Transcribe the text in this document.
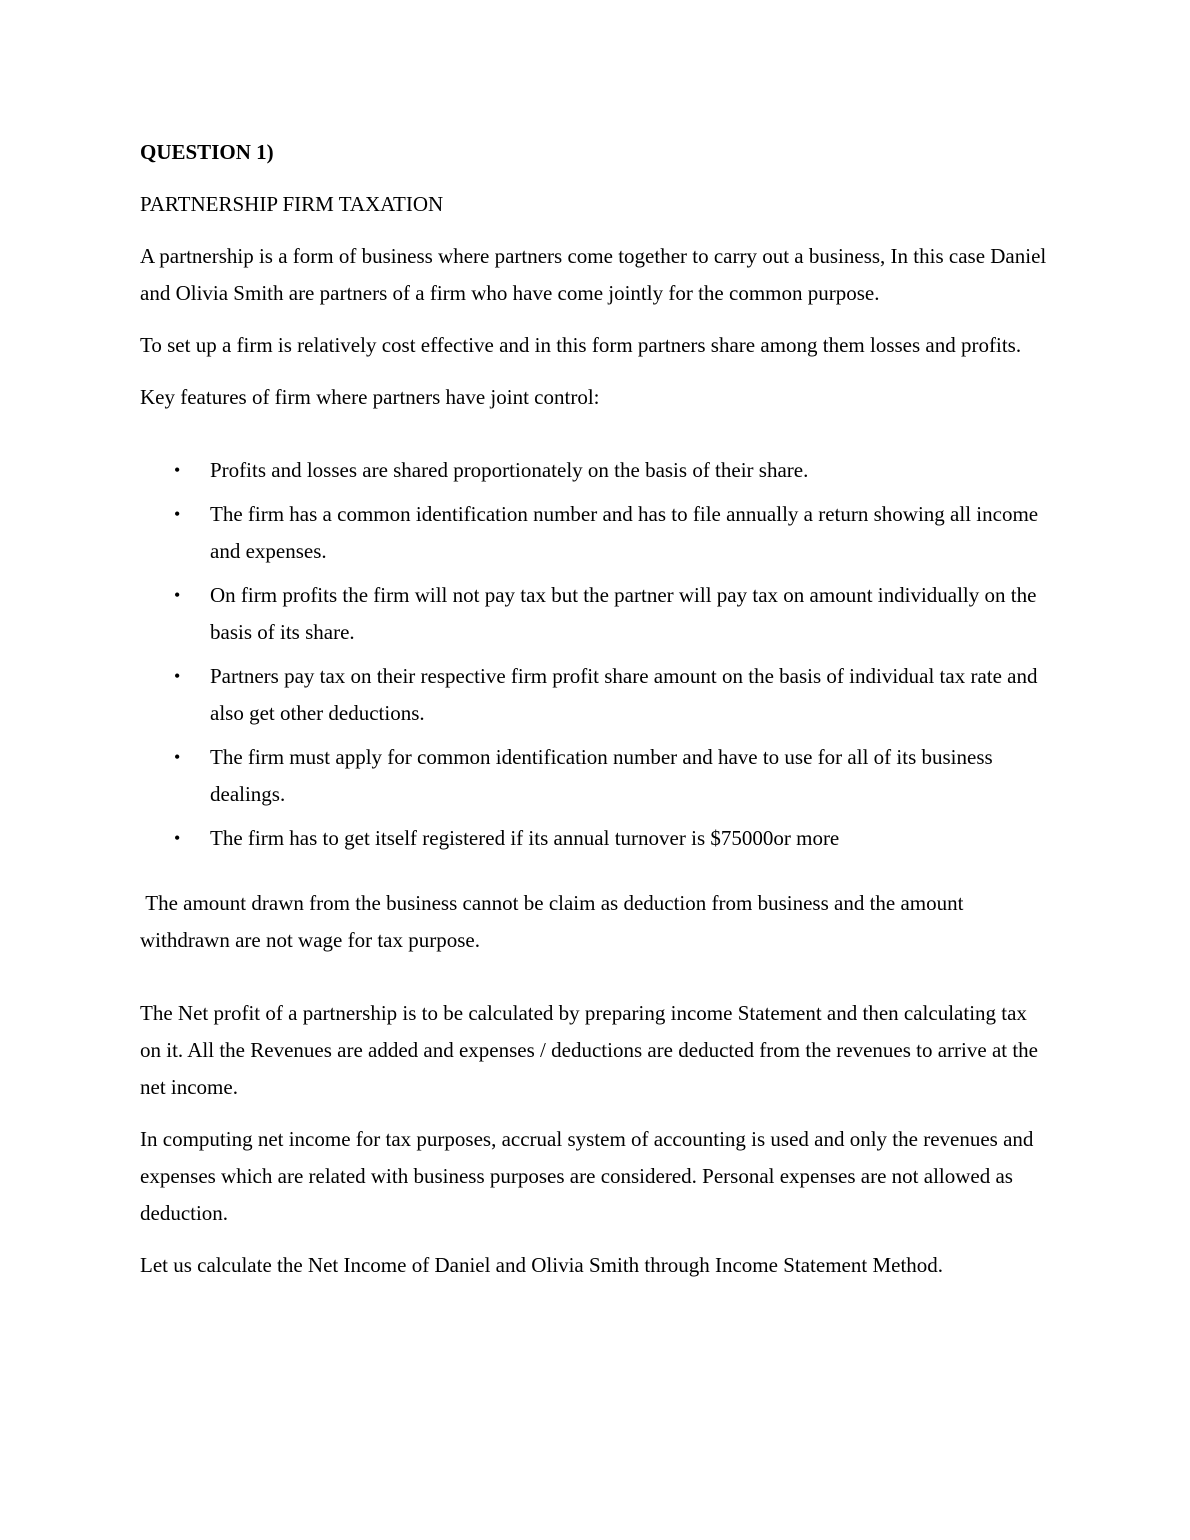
QUESTION 1)
PARTNERSHIP FIRM TAXATION

A partnership is a form of business where partners come together to carry out a business, In this case Daniel and Olivia Smith are partners of a firm who have come jointly for the common purpose.

To set up a firm is relatively cost effective and in this form partners share among them losses and profits.

Key features of firm where partners have joint control:

• Profits and losses are shared proportionately on the basis of their share.
• The firm has a common identification number and has to file annually a return showing all income and expenses.
• On firm profits the firm will not pay tax but the partner will pay tax on amount individually on the basis of its share.
• Partners pay tax on their respective firm profit share amount on the basis of individual tax rate and also get other deductions.
• The firm must apply for common identification number and have to use for all of its business dealings.
• The firm has to get itself registered if its annual turnover is $75000or more

The amount drawn from the business cannot be claim as deduction from business and the amount withdrawn are not wage for tax purpose.

The Net profit of a partnership is to be calculated by preparing income Statement and then calculating tax on it. All the Revenues are added and expenses / deductions are deducted from the revenues to arrive at the net income.

In computing net income for tax purposes, accrual system of accounting is used and only the revenues and expenses which are related with business purposes are considered. Personal expenses are not allowed as deduction.

Let us calculate the Net Income of Daniel and Olivia Smith through Income Statement Method.
